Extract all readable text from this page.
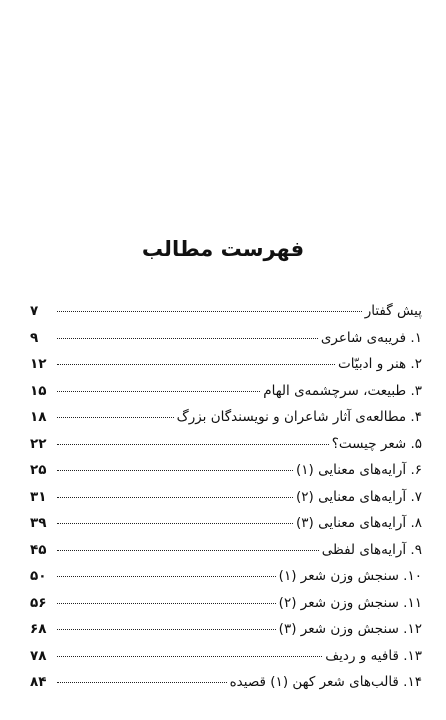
فهرست مطالب
پیش گفتار
۷
۱. فریبه‌ی شاعری
۹
۲. هنر و ادبیّات
۱۲
۳. طبیعت، سرچشمه‌ی الهام
۱۵
۴. مطالعه‌ی آثار شاعران و نویسندگان بزرگ
۱۸
۵. شعر چیست؟
۲۲
۶. آرایه‌های معنایی (۱)
۲۵
۷. آرایه‌های معنایی (۲)
۳۱
۸. آرایه‌های معنایی (۳)
۳۹
۹. آرایه‌های لفظی
۴۵
۱۰. سنجش وزن شعر (۱)
۵۰
۱۱. سنجش وزن شعر (۲)
۵۶
۱۲. سنجش وزن شعر (۳)
۶۸
۱۳. قافیه و ردیف
۷۸
۱۴. قالب‌های شعر کهن (۱) قصیده
۸۴
